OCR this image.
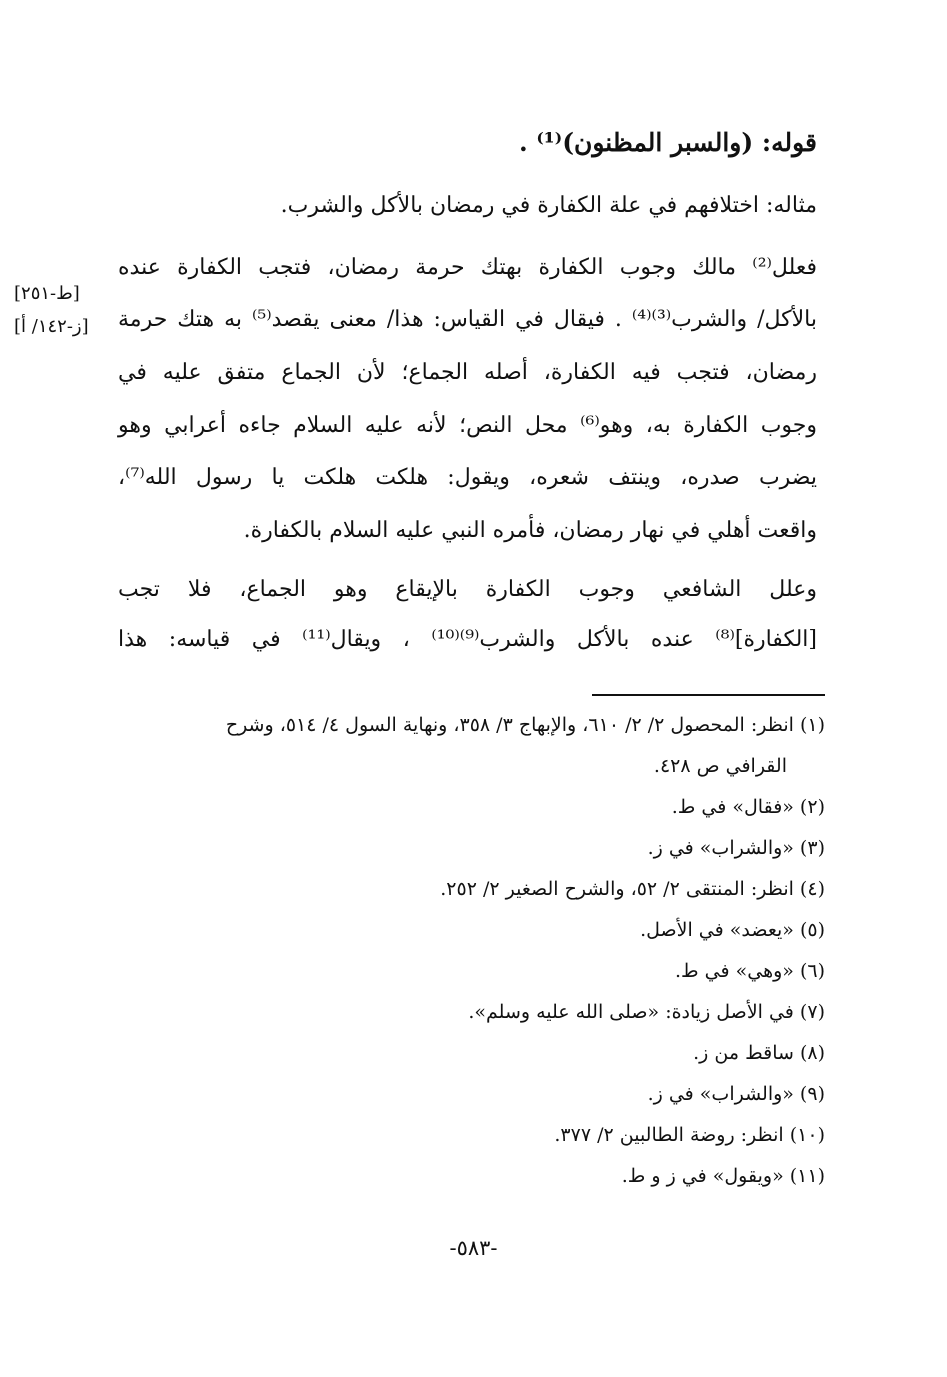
قوله: (والسبر المظنون)⁽¹⁾ .
مثاله: اختلافهم في علة الكفارة في رمضان بالأكل والشرب.
فعلل⁽²⁾ مالك وجوب الكفارة بهتك حرمة رمضان، فتجب الكفارة عنده
بالأكل/ والشرب⁽³⁾⁽⁴⁾ . فيقال في القياس: هذا/ معنى يقصد⁽⁵⁾ به هتك حرمة
رمضان، فتجب فيه الكفارة، أصله الجماع؛ لأن الجماع متفق عليه في
وجوب الكفارة به، وهو⁽⁶⁾ محل النص؛ لأنه عليه السلام جاءه أعرابي وهو
يضرب صدره، وينتف شعره، ويقول: هلكت هلكت يا رسول الله⁽⁷⁾،
واقعت أهلي في نهار رمضان، فأمره النبي عليه السلام بالكفارة.
وعلل الشافعي وجوب الكفارة بالإيقاع وهو الجماع، فلا تجب
[الكفارة]⁽⁸⁾ عنده بالأكل والشرب⁽⁹⁾⁽¹⁰⁾ ، ويقال⁽¹¹⁾ في قياسه: هذا
[ط-٢٥١]
[ز-١٤٢/ أ]
(١) انظر: المحصول ٢/ ٢/ ٦١٠، والإبهاج ٣/ ٣٥٨، ونهاية السول ٤/ ٥١٤، وشرح
القرافي ص ٤٢٨.
(٢) «فقال» في ط.
(٣) «والشراب» في ز.
(٤) انظر: المنتقى ٢/ ٥٢، والشرح الصغير ٢/ ٢٥٢.
(٥) «يعضد» في الأصل.
(٦) «وهي» في ط.
(٧) في الأصل زيادة: «صلى الله عليه وسلم».
(٨) ساقط من ز.
(٩) «والشراب» في ز.
(١٠) انظر: روضة الطالبين ٢/ ٣٧٧.
(١١) «ويقول» في ز و ط.
-٥٨٣-
